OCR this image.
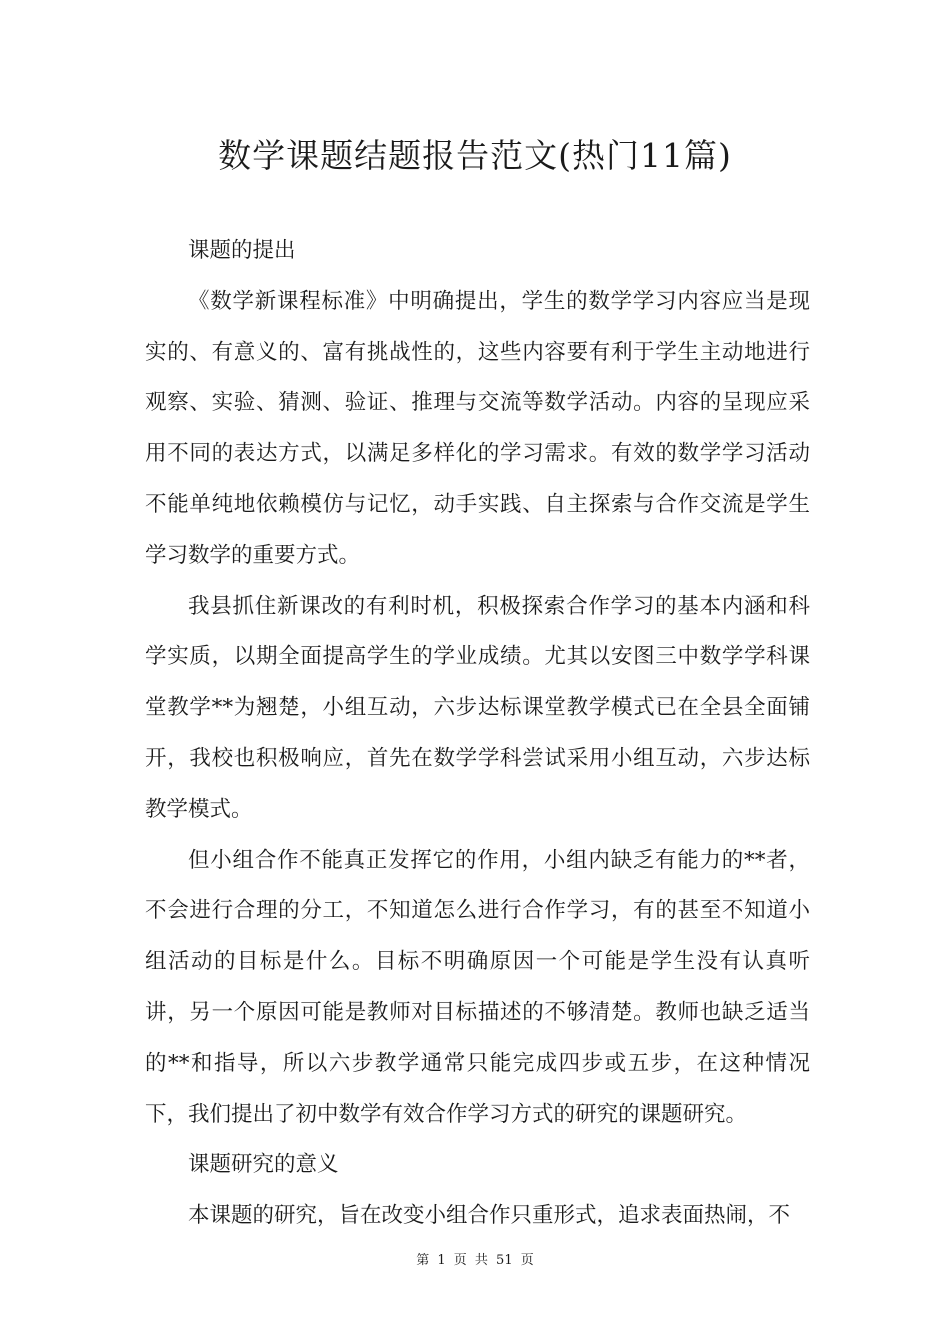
数学课题结题报告范文(热门11篇)

课题的提出

《数学新课程标准》中明确提出，学生的数学学习内容应当是现实的、有意义的、富有挑战性的，这些内容要有利于学生主动地进行观察、实验、猜测、验证、推理与交流等数学活动。内容的呈现应采用不同的表达方式，以满足多样化的学习需求。有效的数学学习活动不能单纯地依赖模仿与记忆，动手实践、自主探索与合作交流是学生学习数学的重要方式。

我县抓住新课改的有利时机，积极探索合作学习的基本内涵和科学实质，以期全面提高学生的学业成绩。尤其以安图三中数学学科课堂教学**为翘楚，小组互动，六步达标课堂教学模式已在全县全面铺开，我校也积极响应，首先在数学学科尝试采用小组互动，六步达标教学模式。

但小组合作不能真正发挥它的作用，小组内缺乏有能力的**者，不会进行合理的分工，不知道怎么进行合作学习，有的甚至不知道小组活动的目标是什么。目标不明确原因一个可能是学生没有认真听讲，另一个原因可能是教师对目标描述的不够清楚。教师也缺乏适当的**和指导，所以六步教学通常只能完成四步或五步，在这种情况下，我们提出了初中数学有效合作学习方式的研究的课题研究。

课题研究的意义

本课题的研究，旨在改变小组合作只重形式，追求表面热闹，不

第 1 页 共 51 页
